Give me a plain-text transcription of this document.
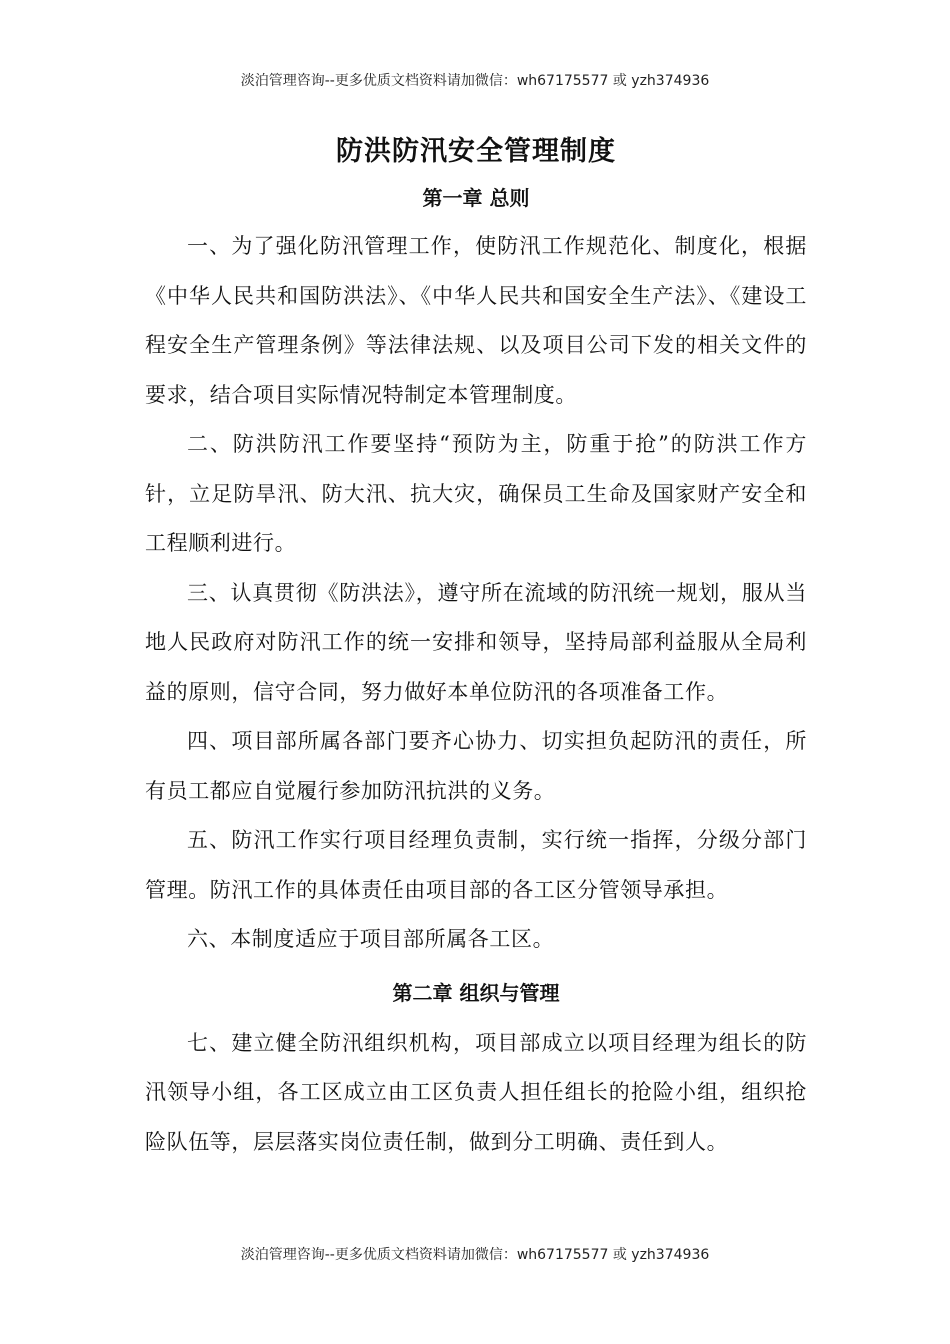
淡泊管理咨询--更多优质文档资料请加微信：wh67175577 或 yzh374936
防洪防汛安全管理制度
第一章 总则

一、为了强化防汛管理工作，使防汛工作规范化、制度化，根据《中华人民共和国防洪法》、《中华人民共和国安全生产法》、《建设工程安全生产管理条例》等法律法规、以及项目公司下发的相关文件的要求，结合项目实际情况特制定本管理制度。

二、防洪防汛工作要坚持“预防为主，防重于抢”的防洪工作方针，立足防旱汛、防大汛、抗大灾，确保员工生命及国家财产安全和工程顺利进行。

三、认真贯彻《防洪法》，遵守所在流域的防汛统一规划，服从当地人民政府对防汛工作的统一安排和领导，坚持局部利益服从全局利益的原则，信守合同，努力做好本单位防汛的各项准备工作。

四、项目部所属各部门要齐心协力、切实担负起防汛的责任，所有员工都应自觉履行参加防汛抗洪的义务。

五、防汛工作实行项目经理负责制，实行统一指挥，分级分部门管理。防汛工作的具体责任由项目部的各工区分管领导承担。

六、本制度适应于项目部所属各工区。

第二章 组织与管理

七、建立健全防汛组织机构，项目部成立以项目经理为组长的防汛领导小组，各工区成立由工区负责人担任组长的抢险小组，组织抢险队伍等，层层落实岗位责任制，做到分工明确、责任到人。

淡泊管理咨询--更多优质文档资料请加微信：wh67175577 或 yzh374936
